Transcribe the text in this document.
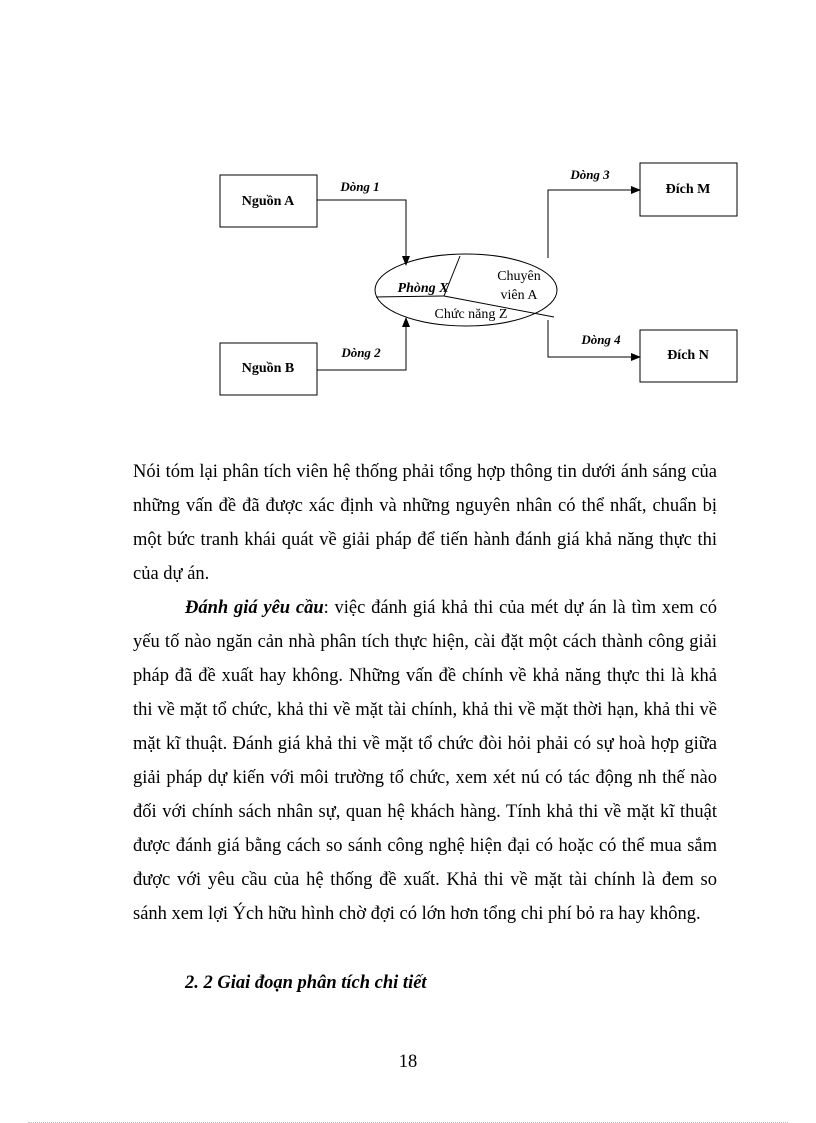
Nguồn A
Nguồn B
Đích M
Đích N
Phòng X
Chuyên
viên A
Chức năng Z
Dòng 1
Dòng 2
Dòng 3
Dòng 4
Nói tóm lại phân tích viên hệ thống phải tổng hợp thông tin dưới ánh sáng của những vấn đề đã được xác định và những nguyên nhân có thể nhất, chuẩn bị một bức tranh khái quát về giải pháp để tiến hành đánh giá khả năng thực thi của dự án.
Đánh giá yêu cầu: việc đánh giá khả thi của mét dự án là tìm xem có yếu tố nào ngăn cản nhà phân tích thực hiện, cài đặt một cách thành công giải pháp đã đề xuất hay không. Những vấn đề chính về khả năng thực thi là khả thi về mặt tổ chức, khả thi về mặt tài chính, khả thi về mặt thời hạn, khả thi về mặt kĩ thuật. Đánh giá khả thi về mặt tổ chức đòi hỏi phải có sự hoà hợp giữa giải pháp dự kiến với môi trường tổ chức, xem xét nú có tác động nh thế nào đối với chính sách nhân sự, quan hệ khách hàng. Tính khả thi về mặt kĩ thuật được đánh giá bằng cách so sánh công nghệ hiện đại có hoặc có thể mua sắm được với yêu cầu của hệ thống đề xuất. Khả thi về mặt tài chính là đem so sánh xem lợi Ých hữu hình chờ đợi có lớn hơn tổng chi phí bỏ ra hay không.
2. 2 Giai đoạn phân tích chi tiết
18
